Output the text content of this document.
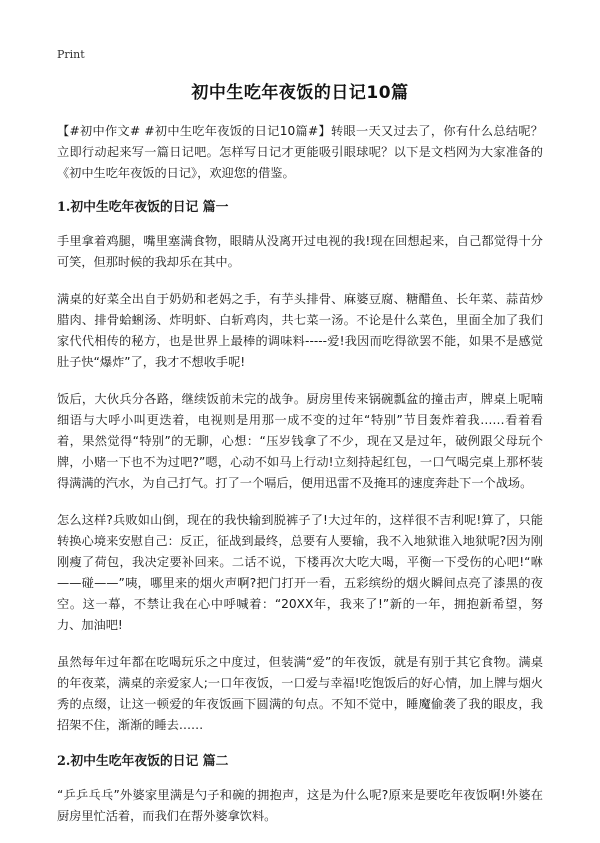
Print
初中生吃年夜饭的日记10篇

【#初中作文# #初中生吃年夜饭的日记10篇#】转眼一天又过去了，你有什么总结呢？立即行动起来写一篇日记吧。怎样写日记才更能吸引眼球呢？以下是文档网为大家准备的《初中生吃年夜饭的日记》，欢迎您的借鉴。

1.初中生吃年夜饭的日记 篇一

手里拿着鸡腿，嘴里塞满食物，眼睛从没离开过电视的我!现在回想起来，自己都觉得十分可笑，但那时候的我却乐在其中。

满桌的好菜全出自于奶奶和老妈之手，有芋头排骨、麻婆豆腐、糖醋鱼、长年菜、蒜苗炒腊肉、排骨蛤蜊汤、炸明虾、白斩鸡肉，共七菜一汤。不论是什么菜色，里面全加了我们家代代相传的秘方，也是世界上最棒的调味料-----爱!我因而吃得欲罢不能，如果不是感觉肚子快“爆炸”了，我才不想收手呢!

饭后，大伙兵分各路，继续饭前未完的战争。厨房里传来锅碗瓢盆的撞击声，牌桌上呢喃细语与大呼小叫更迭着，电视则是用那一成不变的过年“特别”节目轰炸着我……看着看着，果然觉得“特别”的无聊，心想：“压岁钱拿了不少，现在又是过年，破例跟父母玩个牌，小赌一下也不为过吧?”嗯，心动不如马上行动!立刻持起红包，一口气喝完桌上那杯装得满满的汽水，为自己打气。打了一个嗝后，便用迅雷不及掩耳的速度奔赴下一个战场。

怎么这样?兵败如山倒，现在的我快输到脱裤子了!大过年的，这样很不吉利呢!算了，只能转换心境来安慰自己：反正，征战到最终，总要有人要输，我不入地狱谁入地狱呢?因为刚刚瘦了荷包，我决定要补回来。二话不说，下楼再次大吃大喝，平衡一下受伤的心吧!“咻——碰——”咦，哪里来的烟火声啊?把门打开一看，五彩缤纷的烟火瞬间点亮了漆黑的夜空。这一幕，不禁让我在心中呼喊着：“20XX年，我来了!”新的一年，拥抱新希望，努力、加油吧!

虽然每年过年都在吃喝玩乐之中度过，但装满“爱”的年夜饭，就是有别于其它食物。满桌的年夜菜，满桌的亲爱家人;一口年夜饭，一口爱与幸福!吃饱饭后的好心情，加上牌与烟火秀的点缀，让这一顿爱的年夜饭画下圆满的句点。不知不觉中，睡魔偷袭了我的眼皮，我招架不住，渐渐的睡去……

2.初中生吃年夜饭的日记 篇二

“乒乒乓乓”外婆家里满是勺子和碗的拥抱声，这是为什么呢?原来是要吃年夜饭啊!外婆在厨房里忙活着，而我们在帮外婆拿饮料。
